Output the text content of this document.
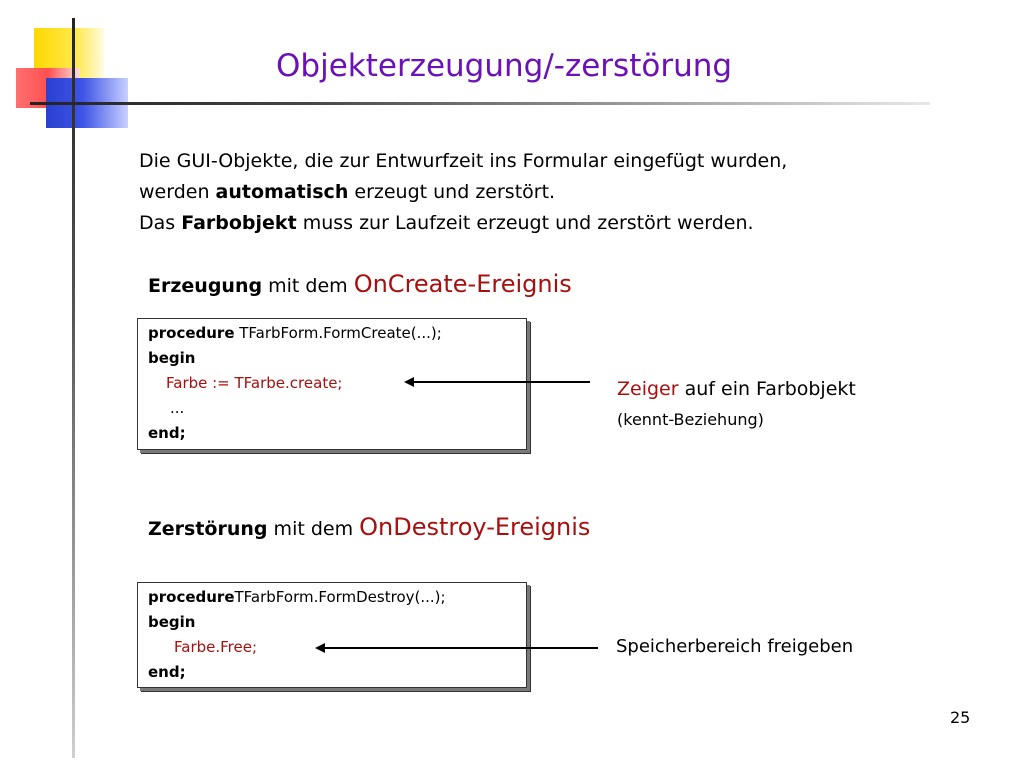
Objekterzeugung/-zerstörung
Die GUI-Objekte, die zur Entwurfzeit ins Formular eingefügt wurden,
werden automatisch erzeugt und zerstört.
Das Farbobjekt muss zur Laufzeit erzeugt und zerstört werden.
Erzeugung mit dem OnCreate-Ereignis
procedure TFarbForm.FormCreate(...);
begin
Farbe := TFarbe.create;
...
end;
Zeiger auf ein Farbobjekt
(kennt-Beziehung)
Zerstörung mit dem OnDestroy-Ereignis
procedureTFarbForm.FormDestroy(...);
begin
Farbe.Free;
end;
Speicherbereich freigeben
25
